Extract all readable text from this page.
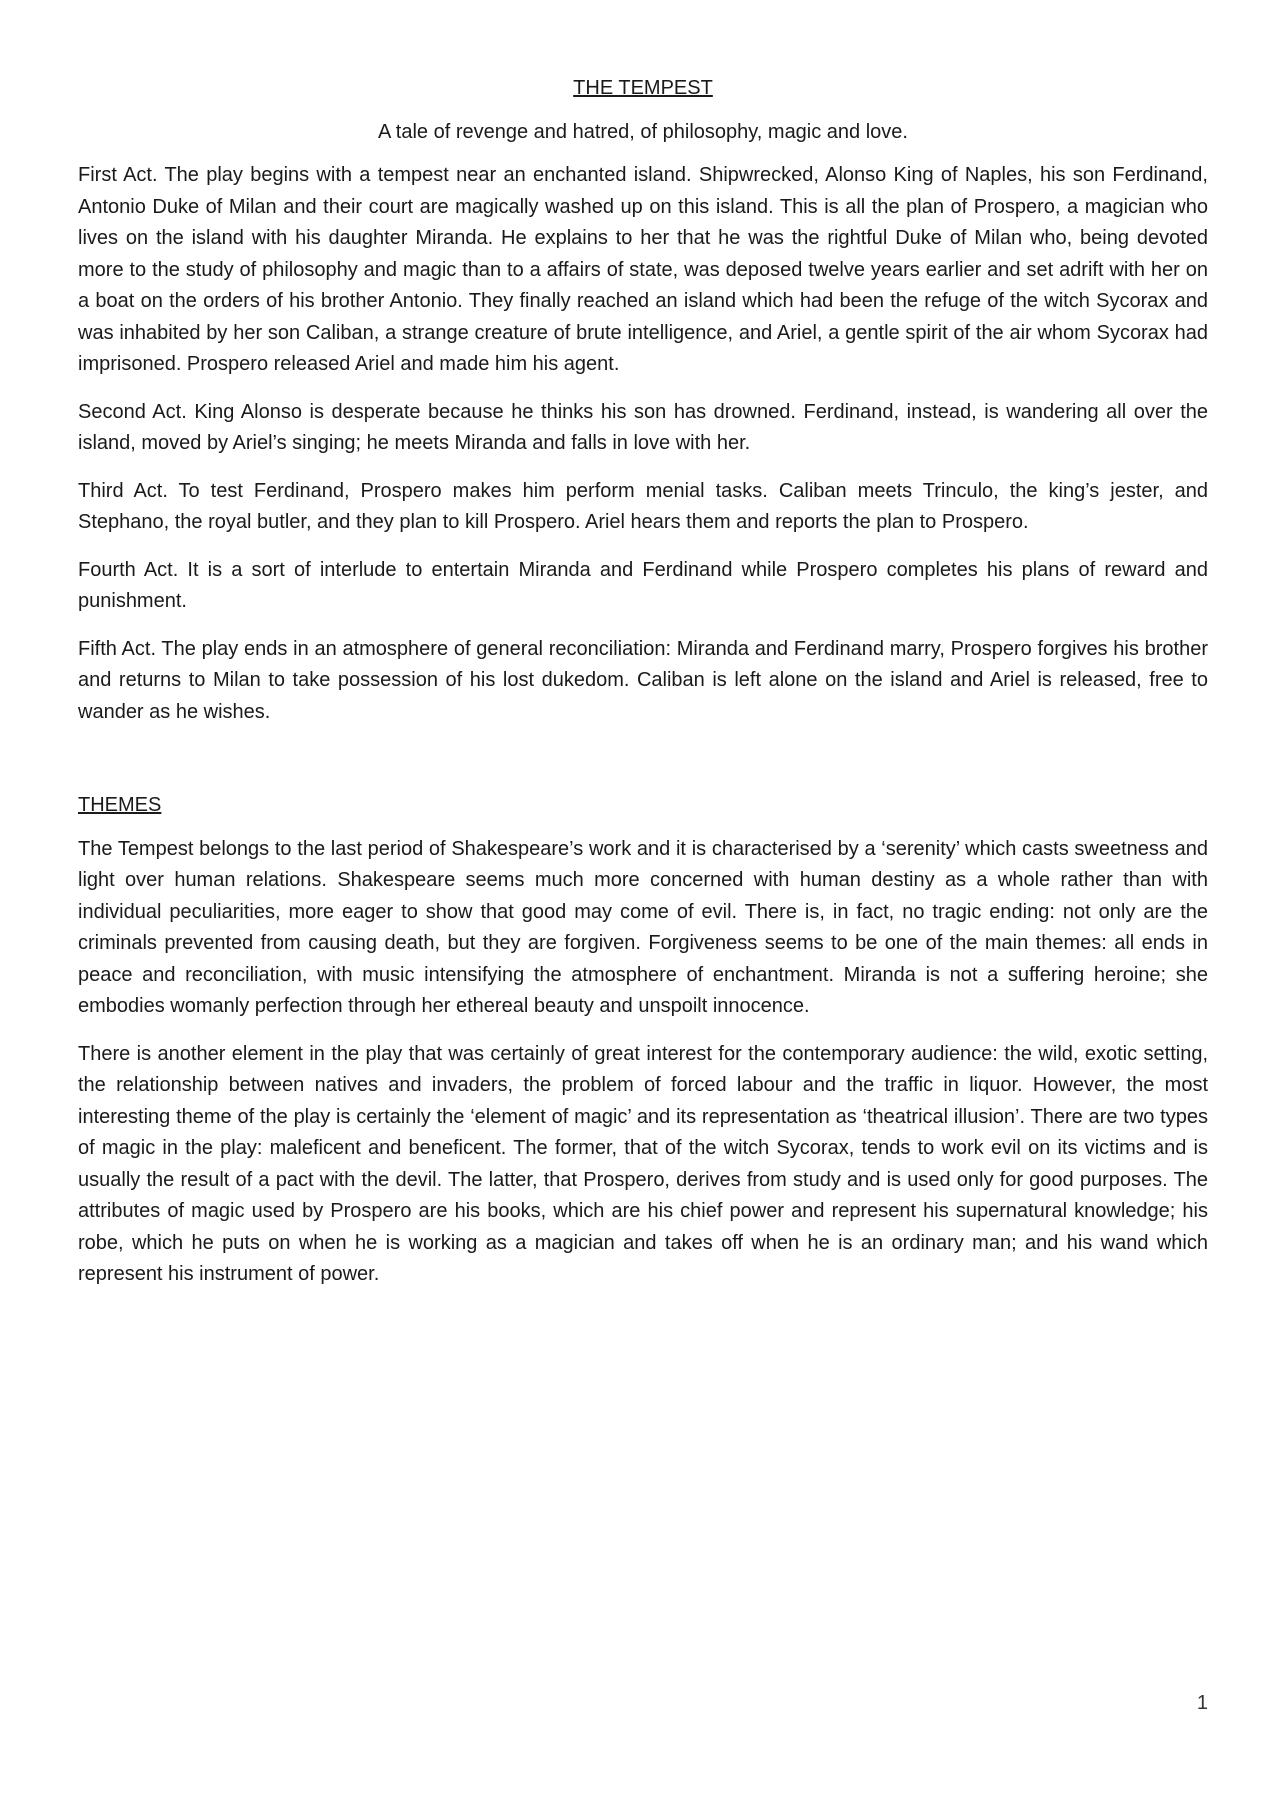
THE TEMPEST

A tale of revenge and hatred, of philosophy, magic and love.

First Act. The play begins with a tempest near an enchanted island. Shipwrecked, Alonso King of Naples, his son Ferdinand, Antonio Duke of Milan and their court are magically washed up on this island. This is all the plan of Prospero, a magician who lives on the island with his daughter Miranda. He explains to her that he was the rightful Duke of Milan who, being devoted more to the study of philosophy and magic than to a affairs of state, was deposed twelve years earlier and set adrift with her on a boat on the orders of his brother Antonio. They finally reached an island which had been the refuge of the witch Sycorax and was inhabited by her son Caliban, a strange creature of brute intelligence, and Ariel, a gentle spirit of the air whom Sycorax had imprisoned. Prospero released Ariel and made him his agent.

Second Act. King Alonso is desperate because he thinks his son has drowned. Ferdinand, instead, is wandering all over the island, moved by Ariel’s singing; he meets Miranda and falls in love with her.

Third Act. To test Ferdinand, Prospero makes him perform menial tasks. Caliban meets Trinculo, the king’s jester, and Stephano, the royal butler, and they plan to kill Prospero. Ariel hears them and reports the plan to Prospero.

Fourth Act. It is a sort of interlude to entertain Miranda and Ferdinand while Prospero completes his plans of reward and punishment.

Fifth Act. The play ends in an atmosphere of general reconciliation: Miranda and Ferdinand marry, Prospero forgives his brother and returns to Milan to take possession of his lost dukedom. Caliban is left alone on the island and Ariel is released, free to wander as he wishes.

THEMES

The Tempest belongs to the last period of Shakespeare’s work and it is characterised by a ‘serenity’ which casts sweetness and light over human relations. Shakespeare seems much more concerned with human destiny as a whole rather than with individual peculiarities, more eager to show that good may come of evil. There is, in fact, no tragic ending: not only are the criminals prevented from causing death, but they are forgiven. Forgiveness seems to be one of the main themes: all ends in peace and reconciliation, with music intensifying the atmosphere of enchantment. Miranda is not a suffering heroine; she embodies womanly perfection through her ethereal beauty and unspoilt innocence.

There is another element in the play that was certainly of great interest for the contemporary audience: the wild, exotic setting, the relationship between natives and invaders, the problem of forced labour and the traffic in liquor. However, the most interesting theme of the play is certainly the ‘element of magic’ and its representation as ‘theatrical illusion’. There are two types of magic in the play: maleficent and beneficent. The former, that of the witch Sycorax, tends to work evil on its victims and is usually the result of a pact with the devil. The latter, that Prospero, derives from study and is used only for good purposes. The attributes of magic used by Prospero are his books, which are his chief power and represent his supernatural knowledge; his robe, which he puts on when he is working as a magician and takes off when he is an ordinary man; and his wand which represent his instrument of power.

1
